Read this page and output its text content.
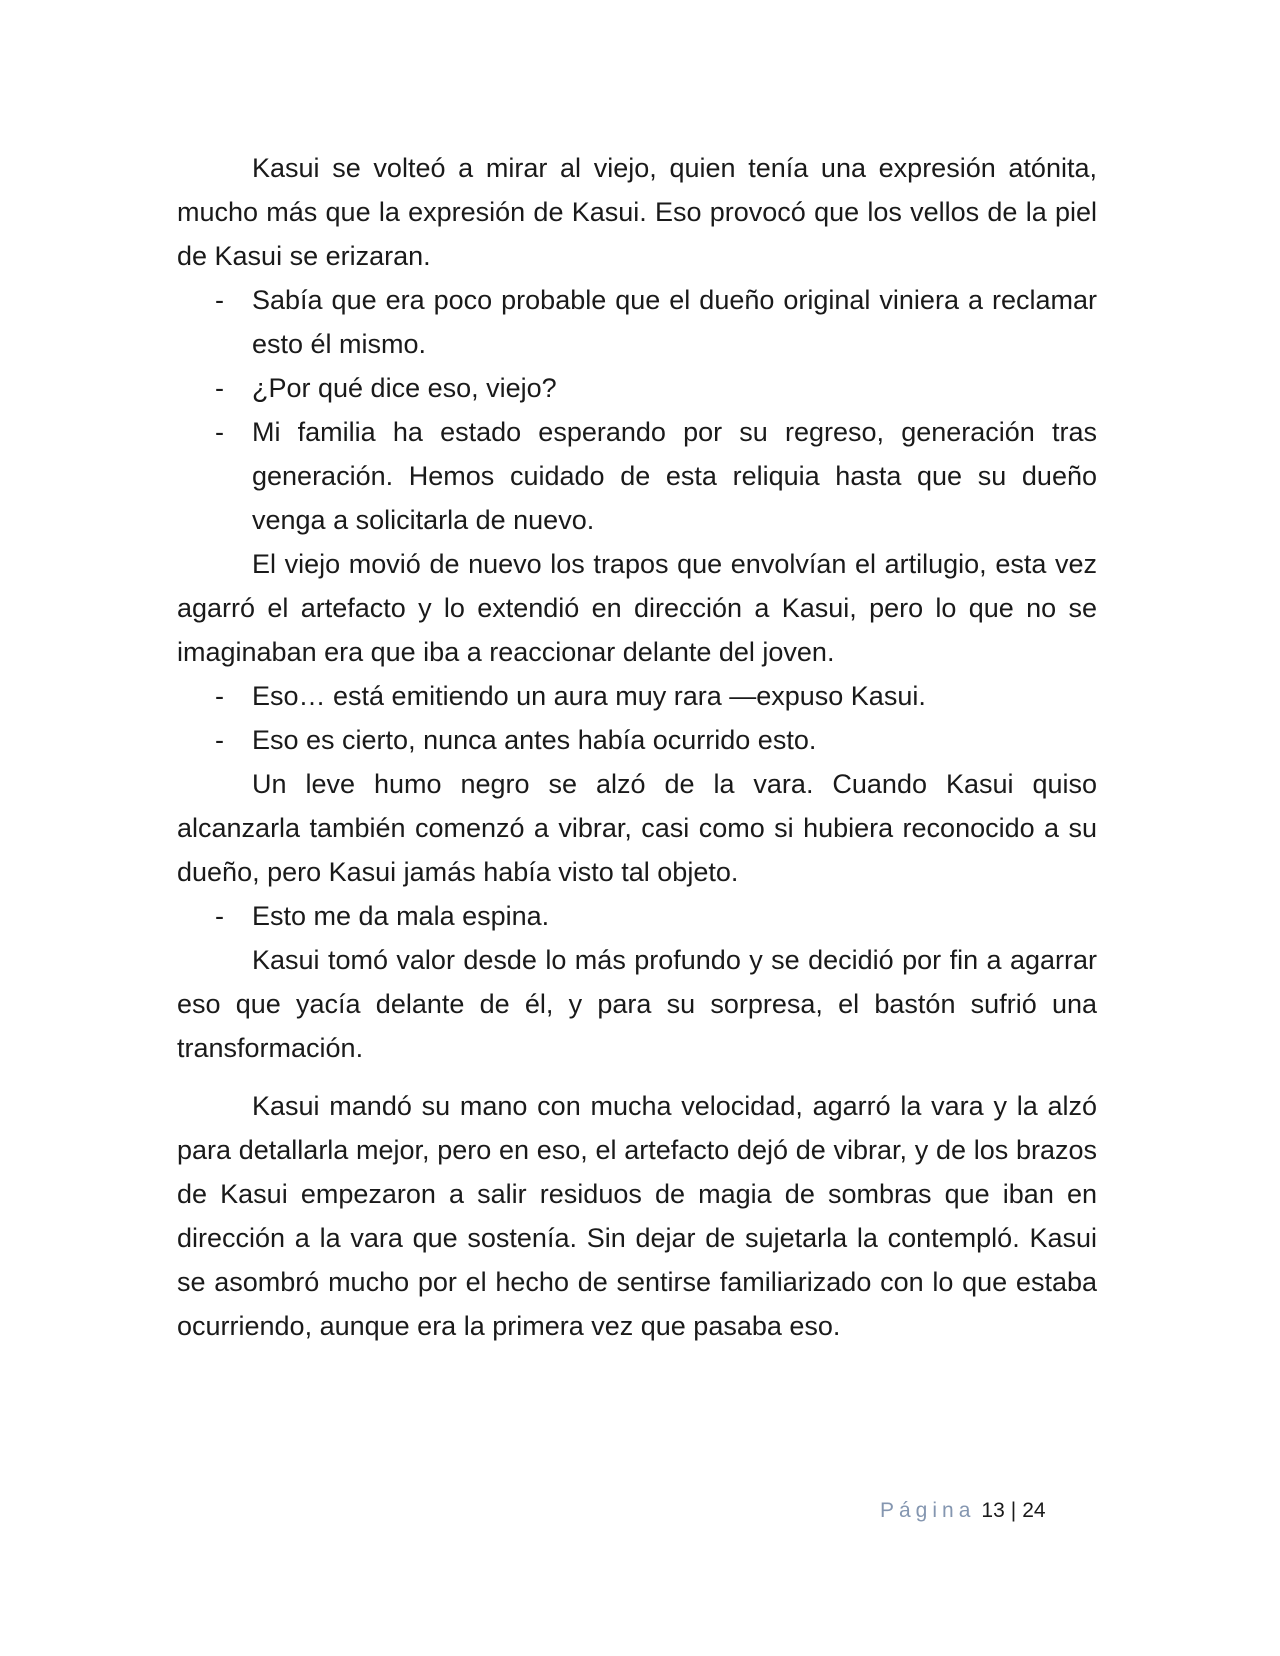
Kasui se volteó a mirar al viejo, quien tenía una expresión atónita, mucho más que la expresión de Kasui. Eso provocó que los vellos de la piel de Kasui se erizaran.

- Sabía que era poco probable que el dueño original viniera a reclamar esto él mismo.
- ¿Por qué dice eso, viejo?
- Mi familia ha estado esperando por su regreso, generación tras generación. Hemos cuidado de esta reliquia hasta que su dueño venga a solicitarla de nuevo.

El viejo movió de nuevo los trapos que envolvían el artilugio, esta vez agarró el artefacto y lo extendió en dirección a Kasui, pero lo que no se imaginaban era que iba a reaccionar delante del joven.

- Eso… está emitiendo un aura muy rara —expuso Kasui.
- Eso es cierto, nunca antes había ocurrido esto.

Un leve humo negro se alzó de la vara. Cuando Kasui quiso alcanzarla también comenzó a vibrar, casi como si hubiera reconocido a su dueño, pero Kasui jamás había visto tal objeto.

- Esto me da mala espina.

Kasui tomó valor desde lo más profundo y se decidió por fin a agarrar eso que yacía delante de él, y para su sorpresa, el bastón sufrió una transformación.

Kasui mandó su mano con mucha velocidad, agarró la vara y la alzó para detallarla mejor, pero en eso, el artefacto dejó de vibrar, y de los brazos de Kasui empezaron a salir residuos de magia de sombras que iban en dirección a la vara que sostenía. Sin dejar de sujetarla la contempló. Kasui se asombró mucho por el hecho de sentirse familiarizado con lo que estaba ocurriendo, aunque era la primera vez que pasaba eso.

Página 13 | 24
